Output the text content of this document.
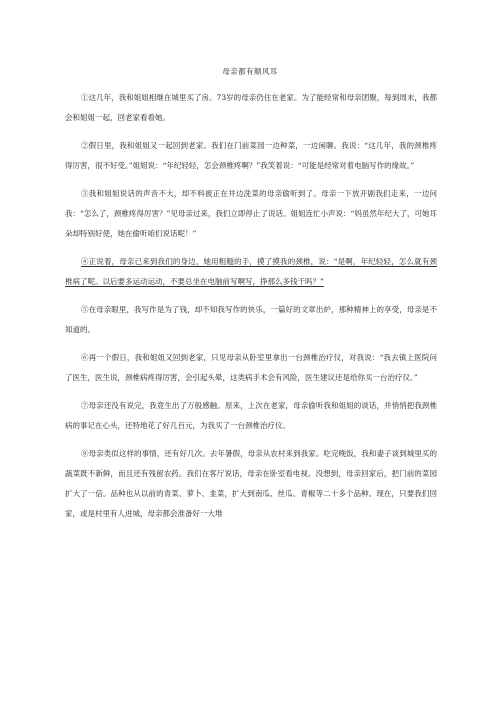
母亲都有顺风耳

①这几年，我和姐姐相继在城里买了房。73岁的母亲仍住在老家。为了能经常和母亲团聚，每到周末，我都会和姐姐一起，回老家看看她。

②假日里，我和姐姐又一起回到老家。我们在门前菜园一边种菜，一边闲聊。我说：“这几年，我的颈椎疼得厉害，很不好受。”姐姐说：“年纪轻轻，怎会颈椎疼啊？”我笑着说：“可能是经常对着电脑写作的缘故。”

③我和姐姐说话的声音不大，却不料被正在井边洗菜的母亲偷听到了。母亲一下放开剧我们走来，一边问我：“怎么了，颈椎疼得厉害？”见母亲过来，我们立即停止了说话。姐姐连忙小声说：“妈虽然年纪大了，可她耳朵却特别好使，她在偷听咱们说话呢！”

④正说着，母亲已来到我们的身边，她用粗糙的手，摸了摸我的颈椎，说：“是啊，年纪轻轻，怎么就有颈椎病了呢。以后要多运动运动，不要总坐在电脑前写啊写，挣那么多钱干吗？”

⑤在母亲眼里，我写作是为了钱，却不知我写作的快乐，一篇好的文章出炉，那种精神上的享受，母亲是不知道的。

⑥再一个假日，我和姐姐又回到老家，只见母亲从卧室里拿出一台颈椎治疗仪，对我说：“我去镇上医院问了医生，医生说，颈椎病疼得厉害，会引起头晕，这类病手术会有风险，医生建议还是给你买一台治疗仪。”

⑦母亲还没有说完，我竟生出了万般感触。原来，上次在老家，母亲偷听我和姐姐的谈话，并悄悄把我颈椎病的事记在心头，还特地花了好几百元，为我买了一台颈椎治疗仪。

⑧母亲类似这样的事情，还有好几次。去年暑假，母亲从农村来到我家。吃完晚饭，我和妻子谈到城里买的蔬菜既不新鲜，而且还有残留农药。我们在客厅说话，母亲在卧室看电视。没想到，母亲回家后，把门前的菜园扩大了一倍。品种也从以前的青菜、萝卜、韭菜，扩大到南瓜、丝瓜、青椒等二十多个品种。现在，只要我们回家，或是村里有人进城，母亲都会准备好一大堆
